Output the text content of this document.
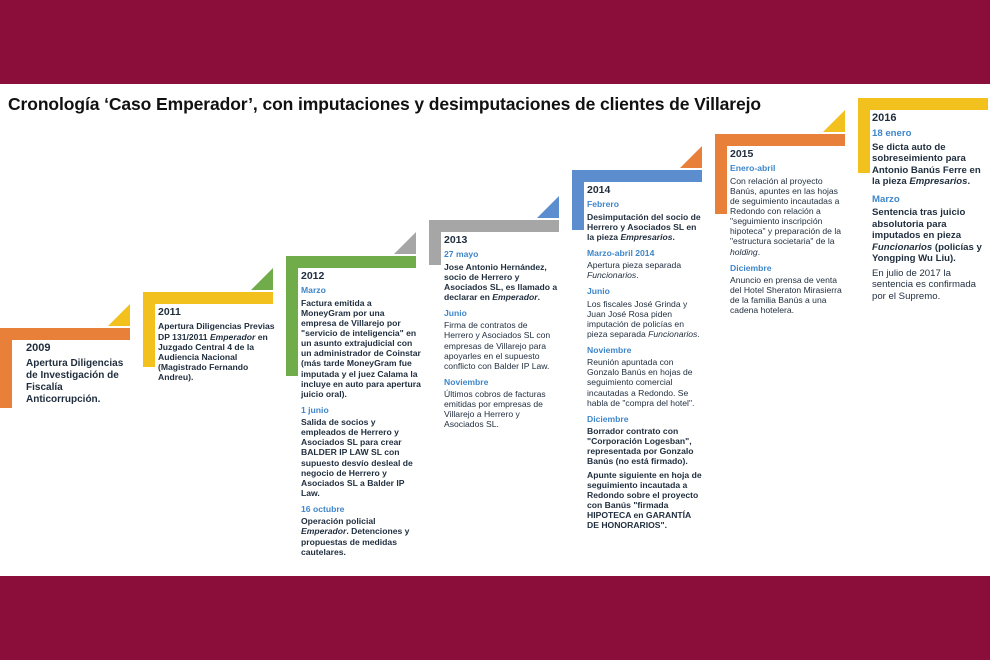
Cronología ‘Caso Emperador’, con imputaciones y desimputaciones de clientes de Villarejo
2009

Apertura Diligencias de Investigación de Fiscalía Anticorrupción.

2011

Apertura Diligencias Previas DP 131/2011 Emperador en Juzgado Central 4 de la Audiencia Nacional (Magistrado Fernando Andreu).

2012
Marzo

Factura emitida a MoneyGram por una empresa de Villarejo por "servicio de inteligencia" en un asunto extrajudicial con un administrador de Coinstar (más tarde MoneyGram fue imputada y el juez Calama la incluye en auto para apertura juicio oral).

1 junio

Salida de socios y empleados de Herrero y Asociados SL para crear BALDER IP LAW SL con supuesto desvío desleal de negocio de Herrero y Asociados SL a Balder IP Law.

16 octubre

Operación policial Emperador. Detenciones y propuestas de medidas cautelares.

2013
27 mayo

Jose Antonio Hernández, socio de Herrero y Asociados SL, es llamado a declarar en Emperador.

Junio

Firma de contratos de Herrero y Asociados SL con empresas de Villarejo para apoyarles en el supuesto conflicto con Balder IP Law.

Noviembre

Últimos cobros de facturas emitidas por empresas de Villarejo a Herrero y Asociados SL.

2014
Febrero

Desimputación del socio de Herrero y Asociados SL en la pieza Empresarios.

Marzo-abril 2014

Apertura pieza separada Funcionarios.

Junio

Los fiscales José Grinda y Juan José Rosa piden imputación de policías en pieza separada Funcionarios.

Noviembre

Reunión apuntada con Gonzalo Banús en hojas de seguimiento comercial incautadas a Redondo. Se habla de "compra del hotel".

Diciembre

Borrador contrato con "Corporación Logesban", representada por Gonzalo Banús (no está firmado).

Apunte siguiente en hoja de seguimiento incautada a Redondo sobre el proyecto con Banús "firmada HIPOTECA en GARANTÍA DE HONORARIOS".

2015
Enero-abril

Con relación al proyecto Banús, apuntes en las hojas de seguimiento incautadas a Redondo con relación a "seguimiento inscripción hipoteca" y preparación de la "estructura societaria" de la holding.

Diciembre

Anuncio en prensa de venta del Hotel Sheraton Mirasierra de la familia Banús a una cadena hotelera.

2016
18 enero

Se dicta auto de sobreseimiento para Antonio Banús Ferre en la pieza Empresarios.

Marzo

Sentencia tras juicio absolutoria para imputados en pieza Funcionarios (policías y Yongping Wu Liu).

En julio de 2017 la sentencia es confirmada por el Supremo.
